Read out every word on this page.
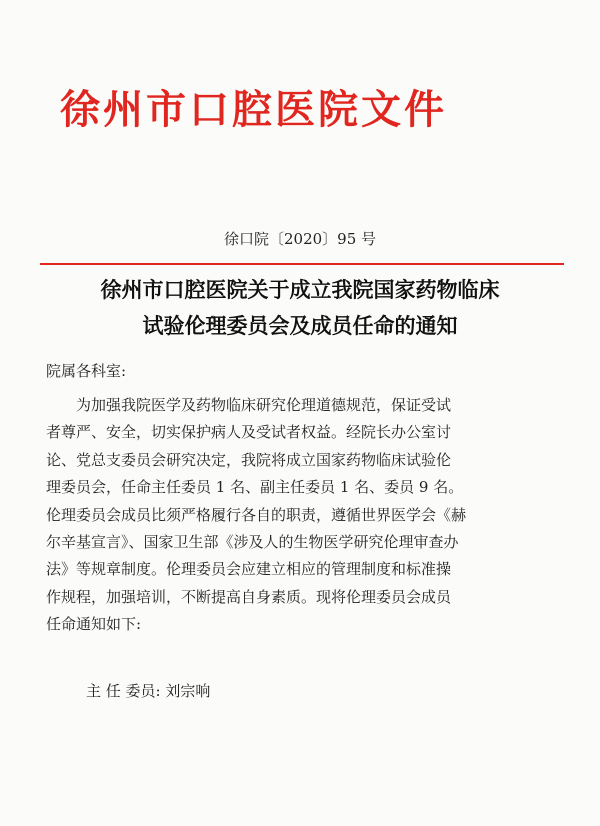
徐州市口腔医院文件
徐口院〔2020〕95 号
徐州市口腔医院关于成立我院国家药物临床
试验伦理委员会及成员任命的通知
院属各科室:
为加强我院医学及药物临床研究伦理道德规范，保证受试
者尊严、安全，切实保护病人及受试者权益。经院长办公室讨
论、党总支委员会研究决定，我院将成立国家药物临床试验伦
理委员会，任命主任委员 1 名、副主任委员 1 名、委员 9 名。
伦理委员会成员比须严格履行各自的职责，遵循世界医学会《赫
尔辛基宣言》、国家卫生部《涉及人的生物医学研究伦理审查办
法》等规章制度。伦理委员会应建立相应的管理制度和标准操
作规程，加强培训，不断提高自身素质。现将伦理委员会成员
任命通知如下:
主 任 委员: 刘宗响
